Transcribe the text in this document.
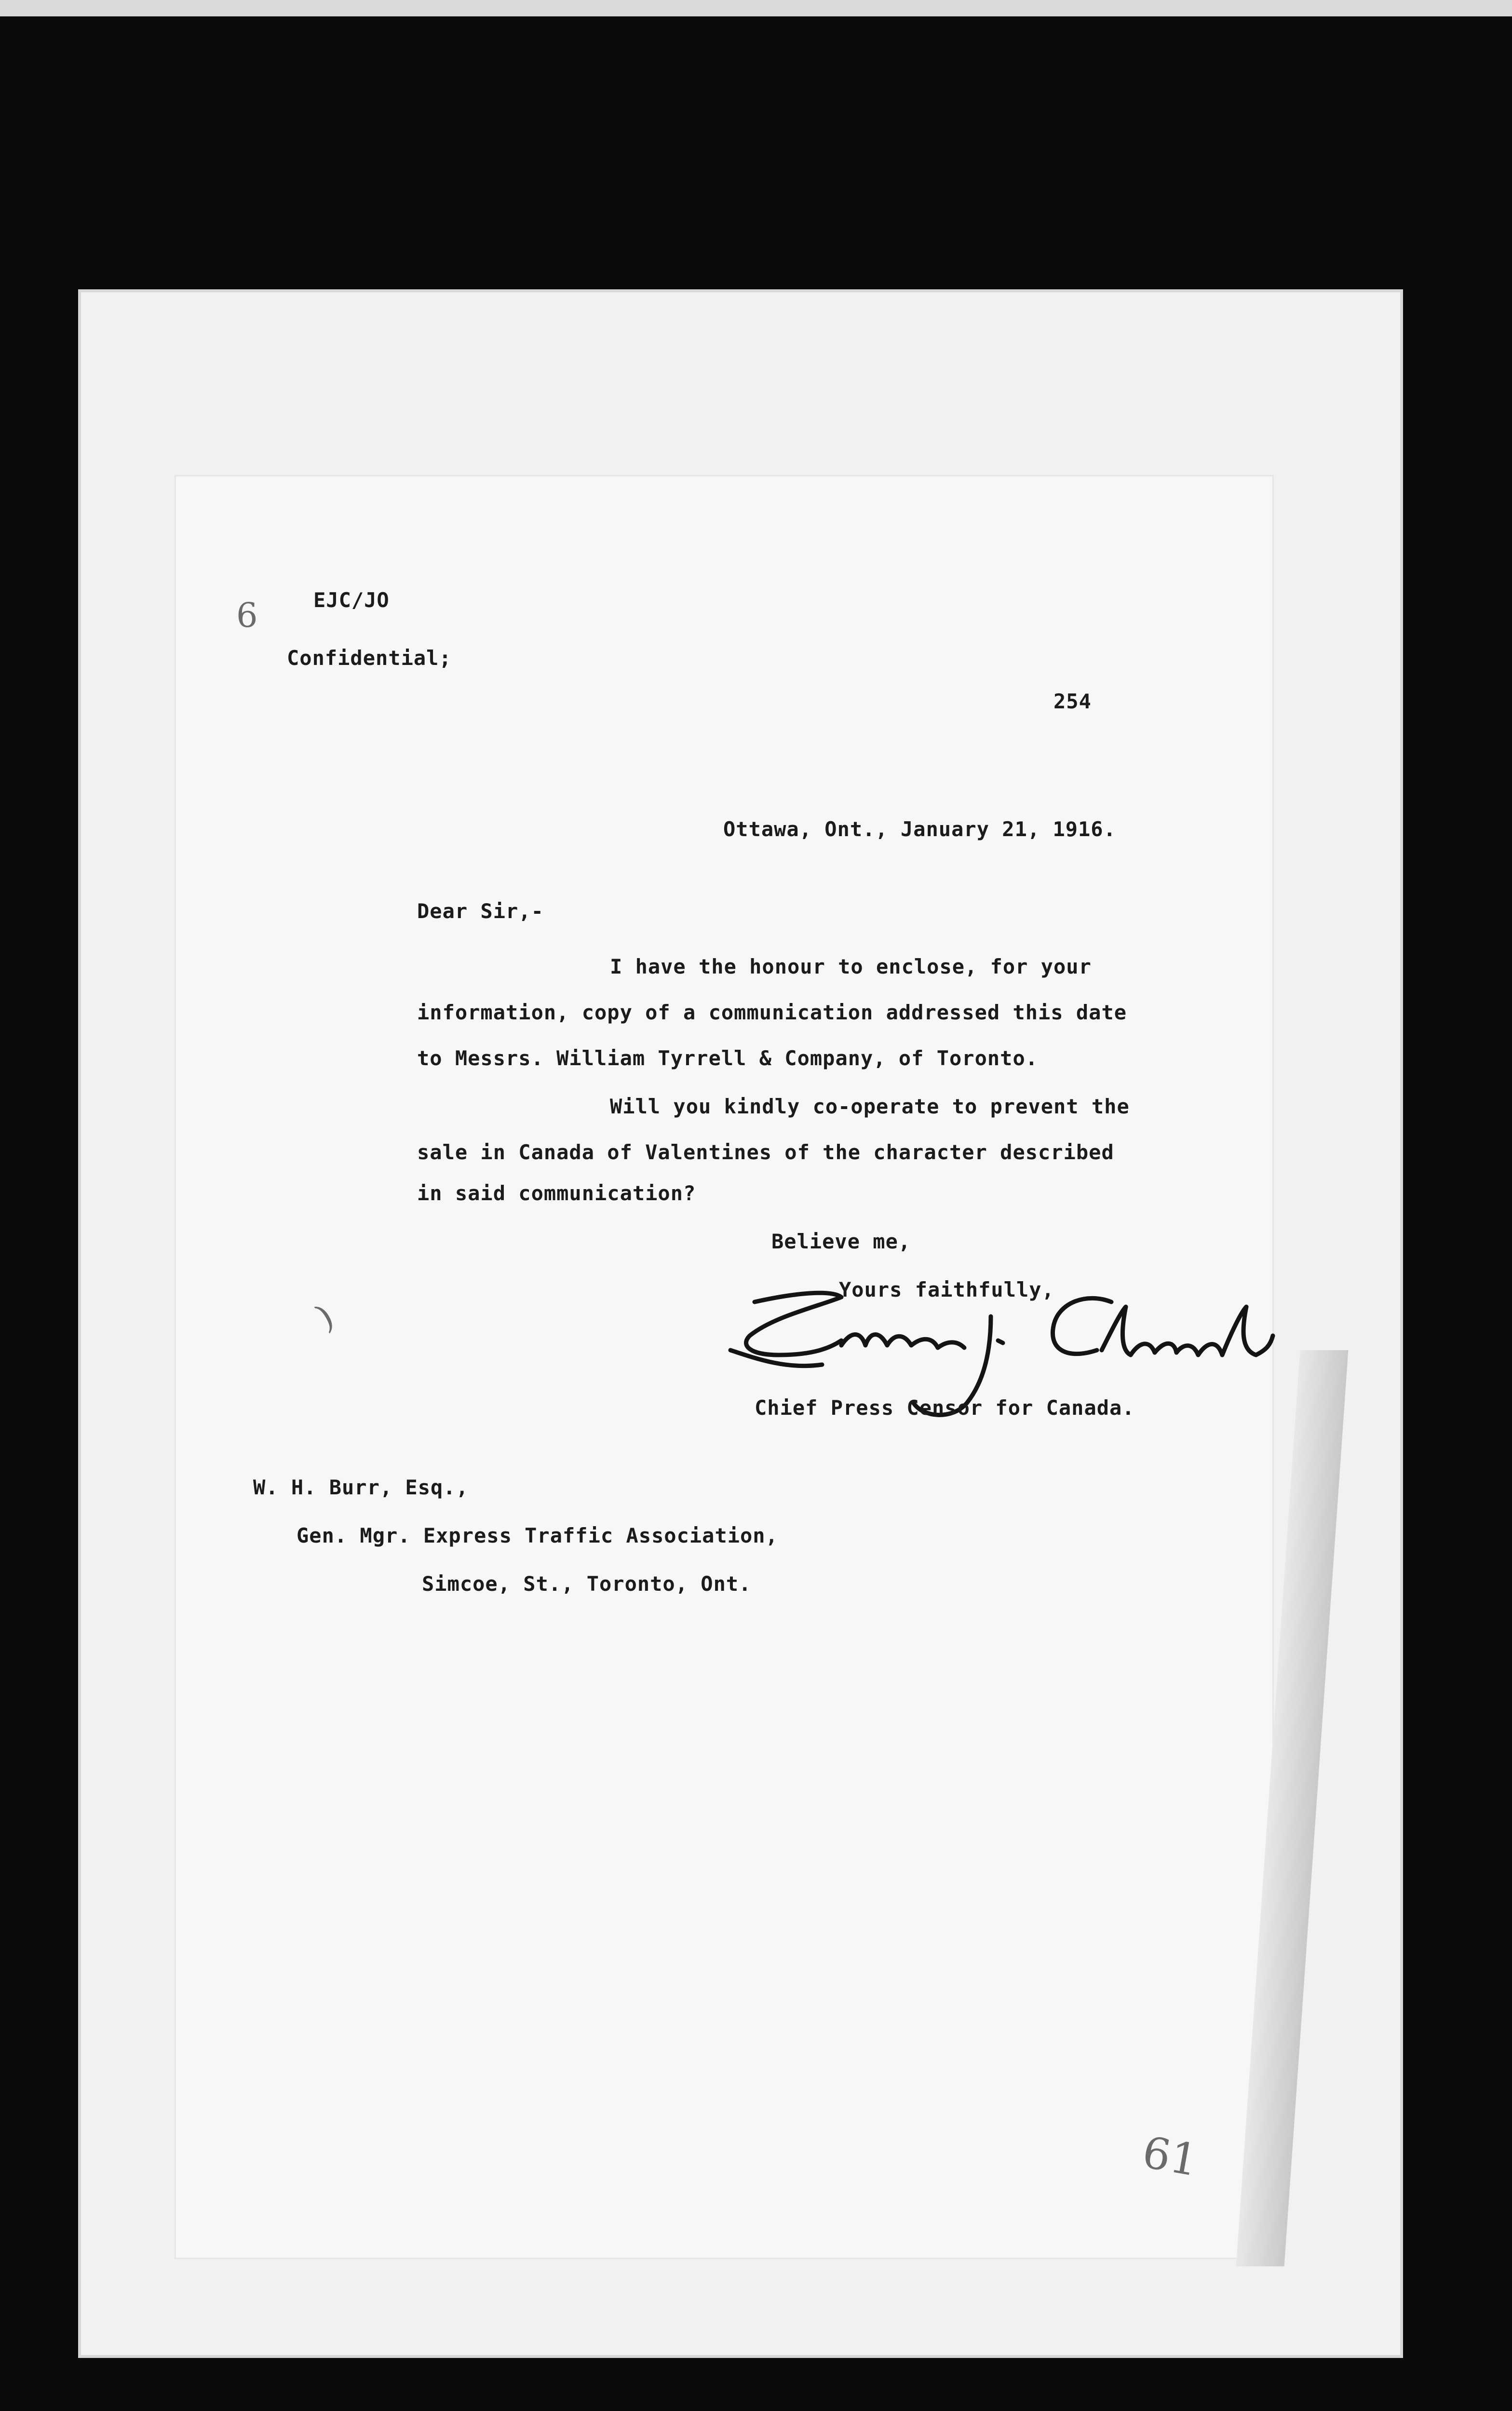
6
)
61
EJC/JO
Confidential;
254
Ottawa, Ont., January 21, 1916.
Dear Sir,-
I have the honour to enclose, for your
information, copy of a communication addressed this date
to Messrs. William Tyrrell & Company, of Toronto.
Will you kindly co-operate to prevent the
sale in Canada of Valentines of the character described
in said communication?
Believe me,
Yours faithfully,
Chief Press Censor for Canada.
W. H. Burr, Esq.,
Gen. Mgr. Express Traffic Association,
Simcoe, St., Toronto, Ont.
